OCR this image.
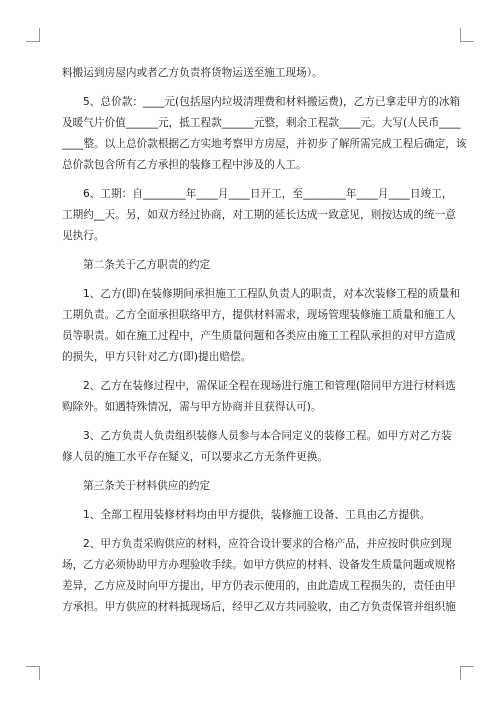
料搬运到房屋内或者乙方负责将货物运送至施工现场）。

5、总价款：____元(包括屋内垃圾清理费和材料搬运费)，乙方已拿走甲方的冰箱
及暖气片价值______元，抵工程款______元整，剩余工程款____元。大写(人民币____
____整。以上总价款根据乙方实地考察甲方房屋，并初步了解所需完成工程后确定，该
总价款包含所有乙方承担的装修工程中涉及的人工。

6、工期：自________年____月____日开工，至________年____月____日竣工，
工期约__天。另，如双方经过协商，对工期的延长达成一致意见，则按达成的统一意
见执行。

第二条关于乙方职责的约定

1、乙方(即)在装修期间承担施工工程队负责人的职责，对本次装修工程的质量和
工期负责。乙方全面承担联络甲方，提供材料需求，现场管理装修施工质量和施工人
员等职责。如在施工过程中，产生质量问题和各类应由施工工程队承担的对甲方造成
的损失，甲方只针对乙方(即)提出赔偿。

2、乙方在装修过程中，需保证全程在现场进行施工和管理(陪同甲方进行材料选
购除外。如遇特殊情况，需与甲方协商并且获得认可)。

3、乙方负责人负责组织装修人员参与本合同定义的装修工程。如甲方对乙方装
修人员的施工水平存在疑义，可以要求乙方无条件更换。

第三条关于材料供应的约定

1、全部工程用装修材料均由甲方提供，装修施工设备、工具由乙方提供。

2、甲方负责采购供应的材料，应符合设计要求的合格产品，并应按时供应到现
场，乙方必须协助甲方办理验收手续。如甲方供应的材料、设备发生质量问题或规格
差异，乙方应及时向甲方提出，甲方仍表示使用的，由此造成工程损失的，责任由甲
方承担。甲方供应的材料抵现场后，经甲乙双方共同验收，由乙方负责保管并组织施
